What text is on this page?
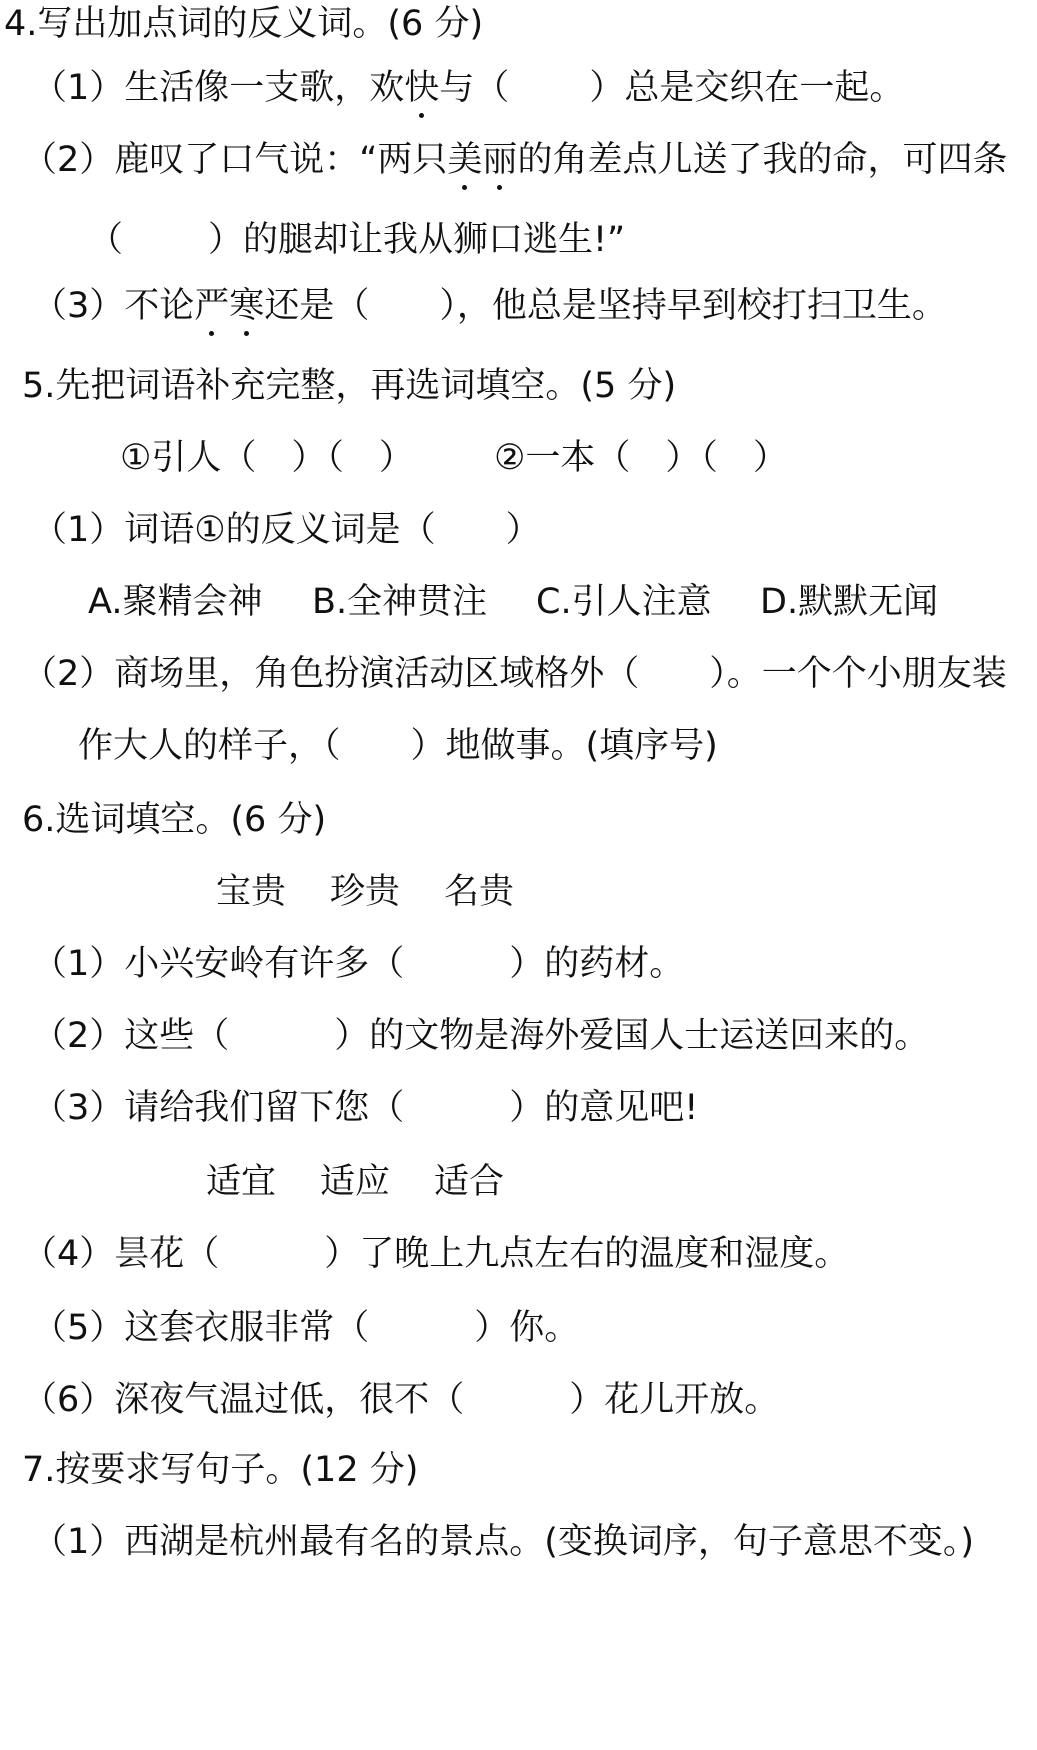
4.写出加点词的反义词。(6 分)
（1）生活像一支歌，欢快与（ ）总是交织在一起。
（2）鹿叹了口气说：“两只美丽的角差点儿送了我的命，可四条
（ ）的腿却让我从狮口逃生!”
（3）不论严寒还是（ ），他总是坚持早到校打扫卫生。
5.先把词语补充完整，再选词填空。(5 分)
①引人（　）（　） ②一本（　）（　）
（1）词语①的反义词是（　　）
A.聚精会神 B.全神贯注 C.引人注意 D.默默无闻
（2）商场里，角色扮演活动区域格外（　　）。一个个小朋友装
作大人的样子，（　　）地做事。(填序号)
6.选词填空。(6 分)
宝贵 珍贵 名贵
（1）小兴安岭有许多（　　　）的药材。
（2）这些（　　　）的文物是海外爱国人士运送回来的。
（3）请给我们留下您（　　　）的意见吧!
适宜 适应 适合
（4）昙花（　　　）了晚上九点左右的温度和湿度。
（5）这套衣服非常（　　　）你。
（6）深夜气温过低，很不（　　　）花儿开放。
7.按要求写句子。(12 分)
（1）西湖是杭州最有名的景点。(变换词序，句子意思不变。)
